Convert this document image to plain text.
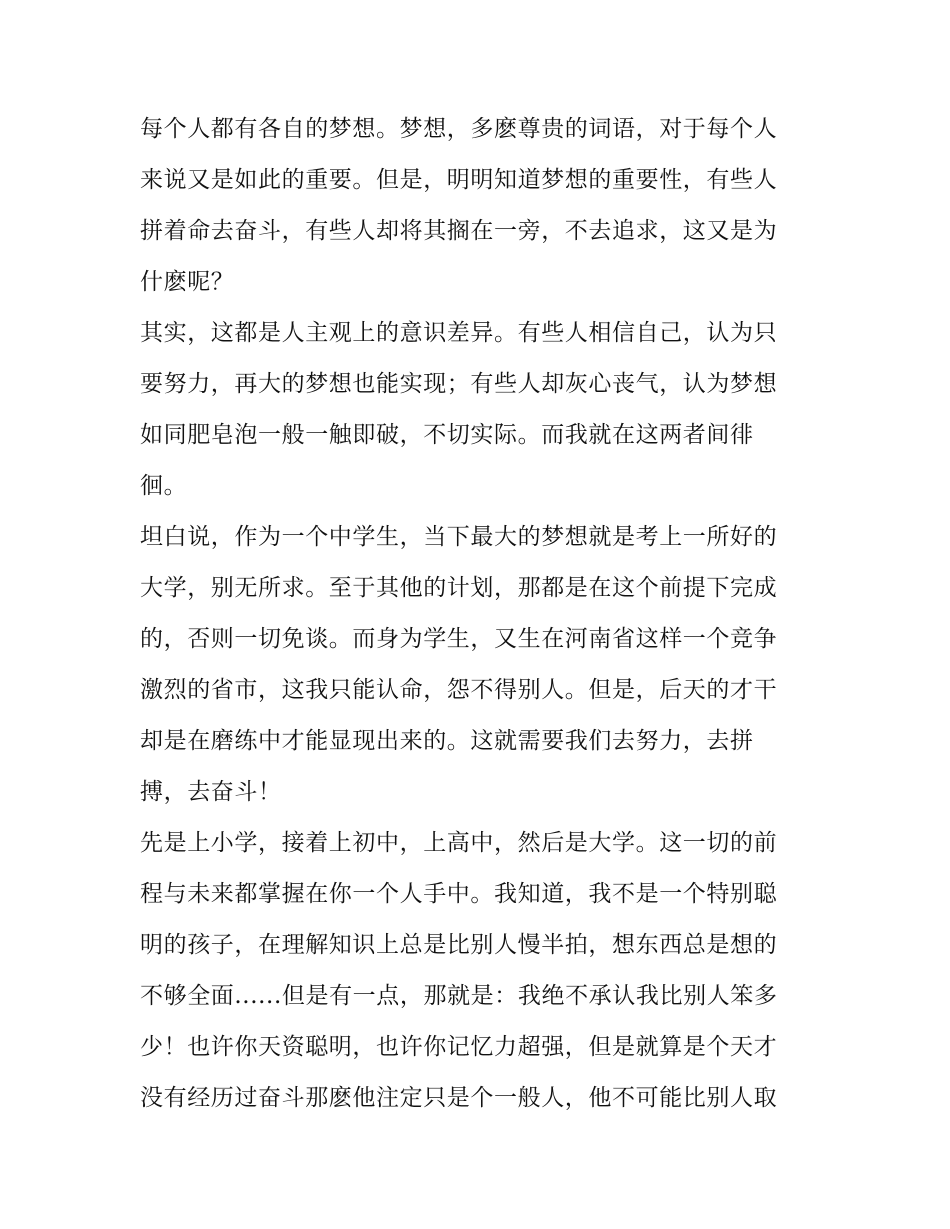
每个人都有各自的梦想。梦想，多麽尊贵的词语，对于每个人
来说又是如此的重要。但是，明明知道梦想的重要性，有些人
拼着命去奋斗，有些人却将其搁在一旁，不去追求，这又是为
什麽呢？
其实，这都是人主观上的意识差异。有些人相信自己，认为只
要努力，再大的梦想也能实现；有些人却灰心丧气，认为梦想
如同肥皂泡一般一触即破，不切实际。而我就在这两者间徘
徊。
坦白说，作为一个中学生，当下最大的梦想就是考上一所好的
大学，别无所求。至于其他的计划，那都是在这个前提下完成
的，否则一切免谈。而身为学生，又生在河南省这样一个竞争
激烈的省市，这我只能认命，怨不得别人。但是，后天的才干
却是在磨练中才能显现出来的。这就需要我们去努力，去拼
搏，去奋斗！
先是上小学，接着上初中，上高中，然后是大学。这一切的前
程与未来都掌握在你一个人手中。我知道，我不是一个特别聪
明的孩子，在理解知识上总是比别人慢半拍，想东西总是想的
不够全面......但是有一点，那就是：我绝不承认我比别人笨多
少！也许你天资聪明，也许你记忆力超强，但是就算是个天才
没有经历过奋斗那麽他注定只是个一般人，他不可能比别人取
